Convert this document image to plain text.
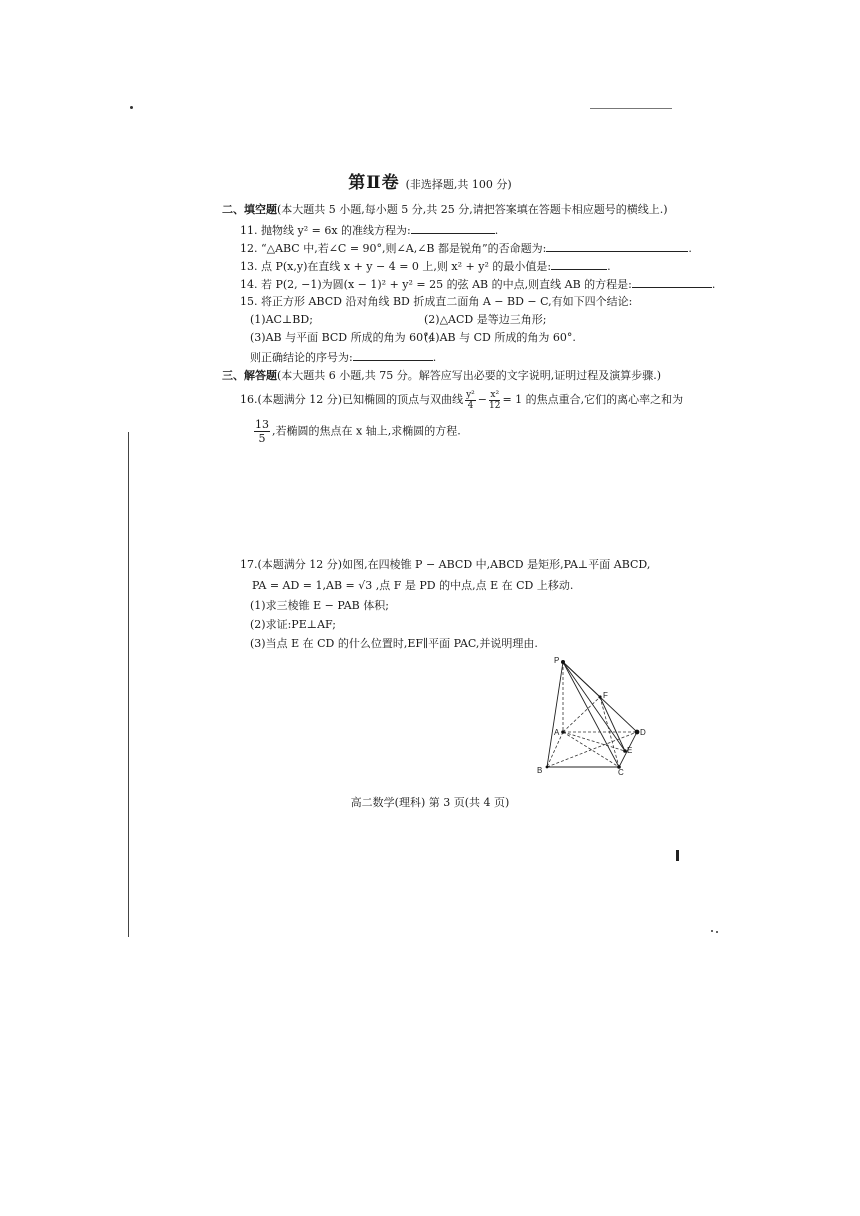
第Ⅱ卷 (非选择题,共 100 分)
二、填空题(本大题共 5 小题,每小题 5 分,共 25 分,请把答案填在答题卡相应题号的横线上.)
11. 抛物线 y² = 6x 的准线方程为:	.
12. “△ABC 中,若∠C = 90°,则∠A,∠B 都是锐角”的否命题为:	.
13. 点 P(x,y)在直线 x + y − 4 = 0 上,则 x² + y² 的最小值是:	.
14. 若 P(2, −1)为圆(x − 1)² + y² = 25 的弦 AB 的中点,则直线 AB 的方程是:	.
15. 将正方形 ABCD 沿对角线 BD 折成直二面角 A − BD − C,有如下四个结论:
(1)AC⊥BD;	(2)△ACD 是等边三角形;
(3)AB 与平面 BCD 所成的角为 60°;
(4)AB 与 CD 所成的角为 60°.
则正确结论的序号为:	.
三、解答题(本大题共 6 小题,共 75 分。解答应写出必要的文字说明,证明过程及演算步骤.)
16.(本题满分 12 分)已知椭圆的顶点与双曲线 $\frac{\text{y²}}{4} - \frac{\text{x²}}{12} = 1$ 的焦点重合,它们的离心率之和为
$\frac{13}{5}$ ,若椭圆的焦点在 x 轴上,求椭圆的方程.
17.(本题满分 12 分)如图,在四棱锥 P − ABCD 中,ABCD 是矩形,PA⊥平面 ABCD,
PA = AD = 1,AB = √3 ,点 F 是 PD 的中点,点 E 在 CD 上移动.
(1)求三棱锥 E − PAB 体积;
(2)求证:PE⊥AF;
(3)当点 E 在 CD 的什么位置时,EF∥平面 PAC,并说明理由.
P
F
A	D
E
B	C
高二数学(理科) 第 3 页(共 4 页)
